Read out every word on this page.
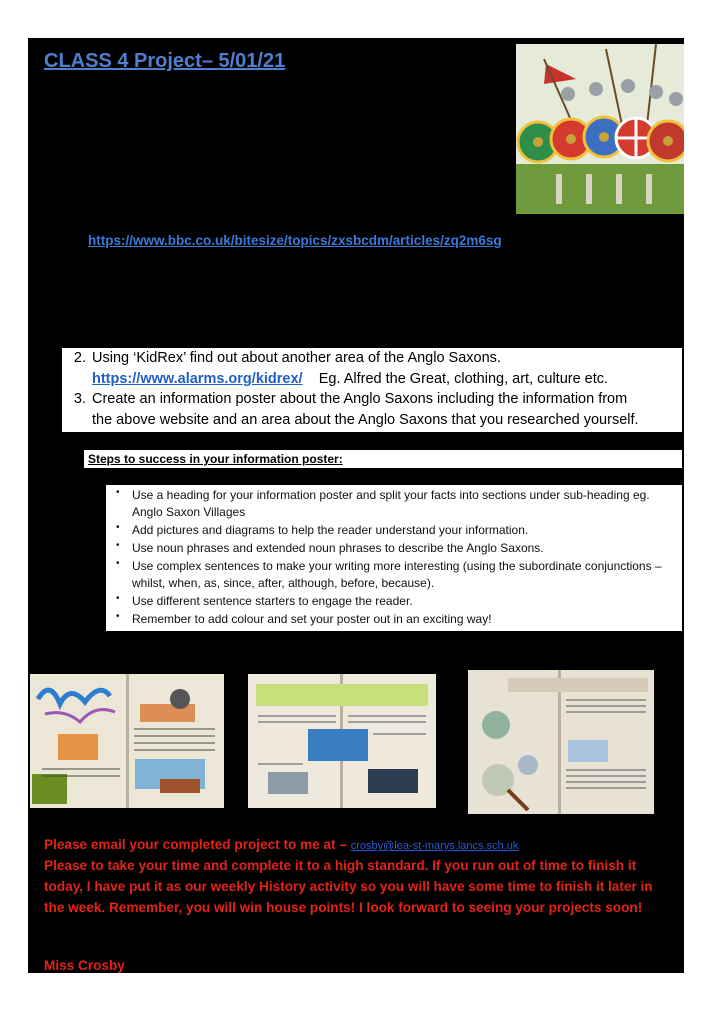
CLASS 4 Project– 5/01/21
https://www.bbc.co.uk/bitesize/topics/zxsbcdm/articles/zq2m6sg
2. Using ‘KidRex’ find out about another area of the Anglo Saxons.
https://www.alarms.org/kidrex/ Eg. Alfred the Great, clothing, art, culture etc.
3. Create an information poster about the Anglo Saxons including the information from
the above website and an area about the Anglo Saxons that you researched yourself.
Steps to success in your information poster:
• Use a heading for your information poster and split your facts into sections under sub-heading eg. Anglo Saxon Villages
• Add pictures and diagrams to help the reader understand your information.
• Use noun phrases and extended noun phrases to describe the Anglo Saxons.
• Use complex sentences to make your writing more interesting (using the subordinate conjunctions – whilst, when, as, since, after, although, before, because).
• Use different sentence starters to engage the reader.
• Remember to add colour and set your poster out in an exciting way!
Please email your completed project to me at – crosby@lea-st-marys.lancs.sch.uk
Please to take your time and complete it to a high standard. If you run out of time to finish it today, I have put it as our weekly History activity so you will have some time to finish it later in the week. Remember, you will win house points! I look forward to seeing your projects soon!
Miss Crosby
